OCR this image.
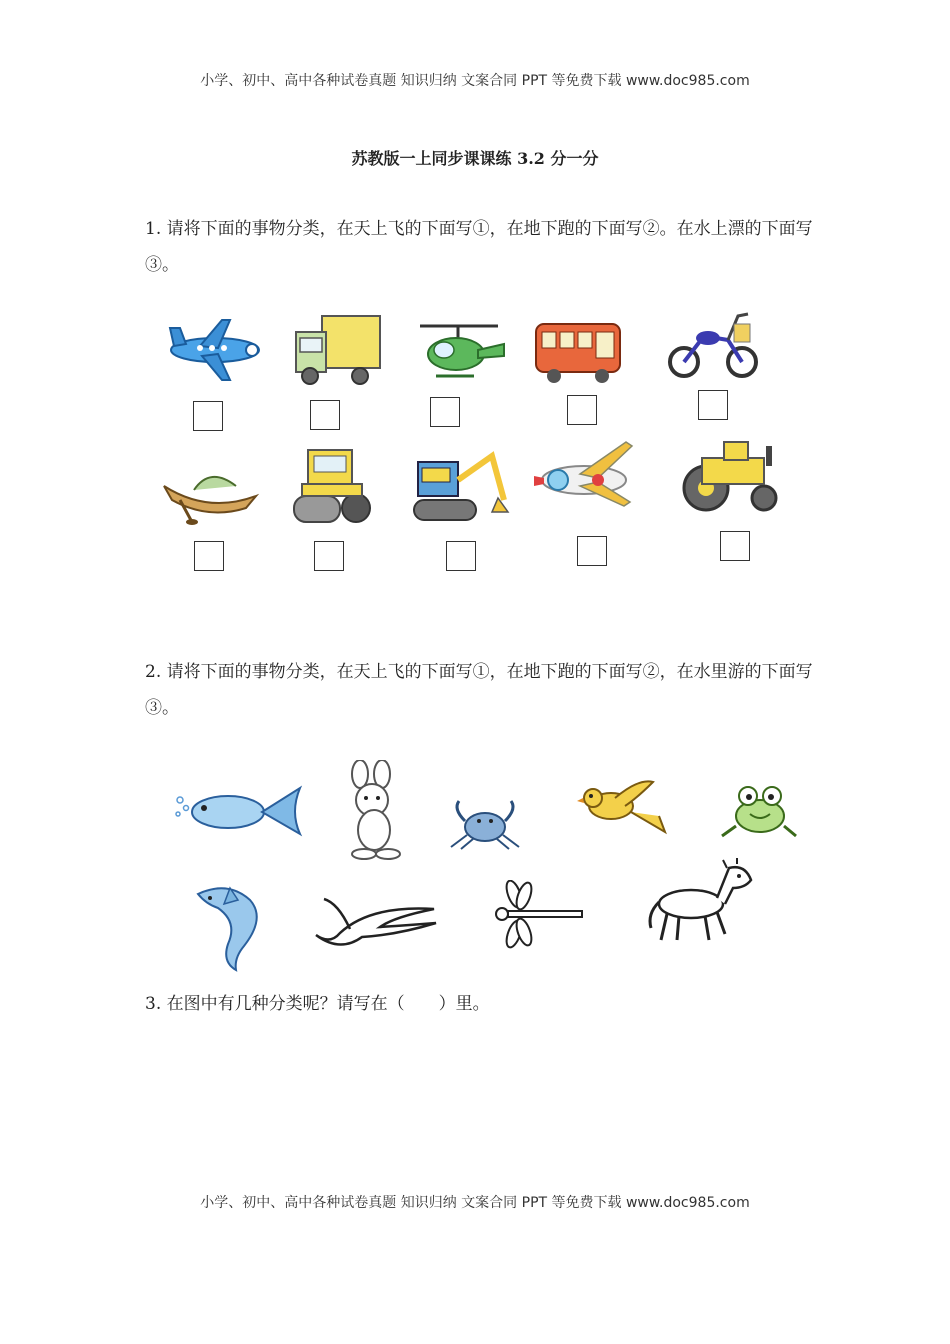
小学、初中、高中各种试卷真题 知识归纳 文案合同 PPT 等免费下载 www.doc985.com
苏教版一上同步课课练 3.2 分一分
1. 请将下面的事物分类，在天上飞的下面写①，在地下跑的下面写②。在水上漂的下面写③。
2. 请将下面的事物分类，在天上飞的下面写①，在地下跑的下面写②，在水里游的下面写③。
3. 在图中有几种分类呢？请写在（　　）里。
小学、初中、高中各种试卷真题 知识归纳 文案合同 PPT 等免费下载 www.doc985.com
